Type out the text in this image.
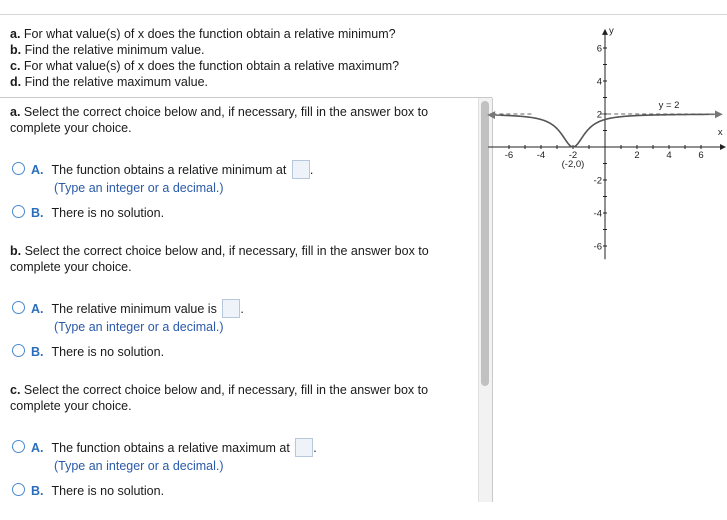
a. For what value(s) of x does the function obtain a relative minimum?
b. Find the relative minimum value.
c. For what value(s) of x does the function obtain a relative maximum?
d. Find the relative maximum value.
a. Select the correct choice below and, if necessary, fill in the answer box to
complete your choice.
A. The function obtains a relative minimum at .
(Type an integer or a decimal.)
B. There is no solution.
b. Select the correct choice below and, if necessary, fill in the answer box to
complete your choice.
A. The relative minimum value is .
(Type an integer or a decimal.)
B. There is no solution.
c. Select the correct choice below and, if necessary, fill in the answer box to
complete your choice.
A. The function obtains a relative maximum at .
(Type an integer or a decimal.)
B. There is no solution.
-6 -4 -2	2	4	6
6
4
2
-2
-4
-6
(-2,0)
y = 2
y
x
